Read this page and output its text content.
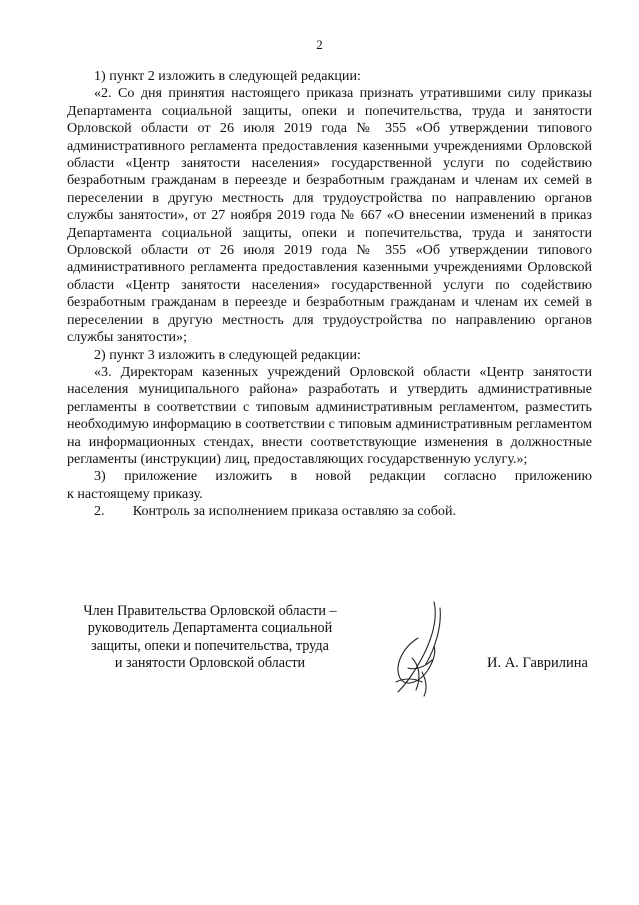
2

1) пункт 2 изложить в следующей редакции:

«2. Со дня принятия настоящего приказа признать утратившими силу приказы Департамента социальной защиты, опеки и попечительства, труда и занятости Орловской области от 26 июля 2019 года № 355 «Об утверждении типового административного регламента предоставления казенными учреждениями Орловской области «Центр занятости населения» государственной услуги по содействию безработным гражданам в переезде и безработным гражданам и членам их семей в переселении в другую местность для трудоустройства по направлению органов службы занятости», от 27 ноября 2019 года № 667 «О внесении изменений в приказ Департамента социальной защиты, опеки и попечительства, труда и занятости Орловской области от 26 июля 2019 года № 355 «Об утверждении типового административного регламента предоставления казенными учреждениями Орловской области «Центр занятости населения» государственной услуги по содействию безработным гражданам в переезде и безработным гражданам и членам их семей в переселении в другую местность для трудоустройства по направлению органов службы занятости»;

2) пункт 3 изложить в следующей редакции:

«3. Директорам казенных учреждений Орловской области «Центр занятости населения муниципального района» разработать и утвердить административные регламенты в соответствии с типовым административным регламентом, разместить необходимую информацию в соответствии с типовым административным регламентом на информационных стендах, внести соответствующие изменения в должностные регламенты (инструкции) лиц, предоставляющих государственную услугу.»;

3) приложение изложить в новой редакции согласно приложению

к настоящему приказу.

2.        Контроль за исполнением приказа оставляю за собой.

Член Правительства Орловской области –
руководитель Департамента социальной
защиты, опеки и попечительства, труда
и занятости Орловской области	И. А. Гаврилина
